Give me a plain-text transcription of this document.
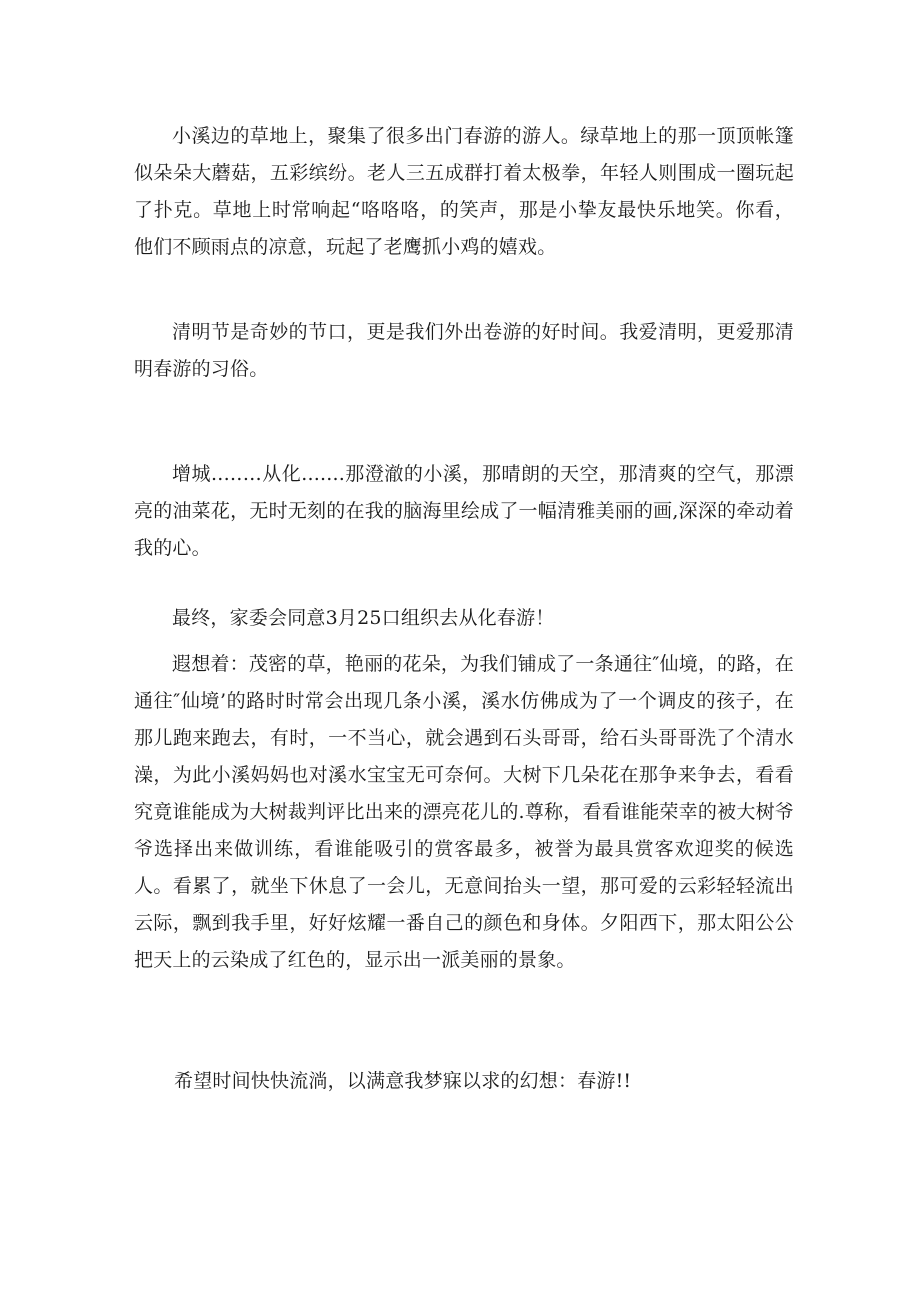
小溪边的草地上，聚集了很多出门春游的游人。绿草地上的那一顶顶帐篷似朵朵大蘑菇，五彩缤纷。老人三五成群打着太极拳，年轻人则围成一圈玩起了扑克。草地上时常响起“咯咯咯，的笑声，那是小挚友最快乐地笑。你看，他们不顾雨点的凉意，玩起了老鹰抓小鸡的嬉戏。

清明节是奇妙的节口，更是我们外出卷游的好时间。我爱清明，更爱那清明春游的习俗。

增城..……从化.......那澄澈的小溪，那晴朗的天空，那清爽的空气，那漂亮的油菜花，无时无刻的在我的脑海里绘成了一幅清雅美丽的画,深深的牵动着我的心。

最终，家委会同意3月25口组织去从化春游！

遐想着：茂密的草，艳丽的花朵，为我们铺成了一条通往″仙境，的路，在通往″仙境’的路时时常会出现几条小溪，溪水仿佛成为了一个调皮的孩子，在那儿跑来跑去，有时，一不当心，就会遇到石头哥哥，给石头哥哥洗了个清水澡，为此小溪妈妈也对溪水宝宝无可奈何。大树下几朵花在那争来争去，看看究竟谁能成为大树裁判评比出来的漂亮花儿的.尊称，看看谁能荣幸的被大树爷爷选择出来做训练，看谁能吸引的赏客最多，被誉为最具赏客欢迎奖的候选人。看累了，就坐下休息了一会儿，无意间抬头一望，那可爱的云彩轻轻流出云际，飘到我手里，好好炫耀一番自己的颜色和身体。夕阳西下，那太阳公公把天上的云染成了红色的，显示出一派美丽的景象。

希望时间快快流淌，以满意我梦寐以求的幻想：春游!!
